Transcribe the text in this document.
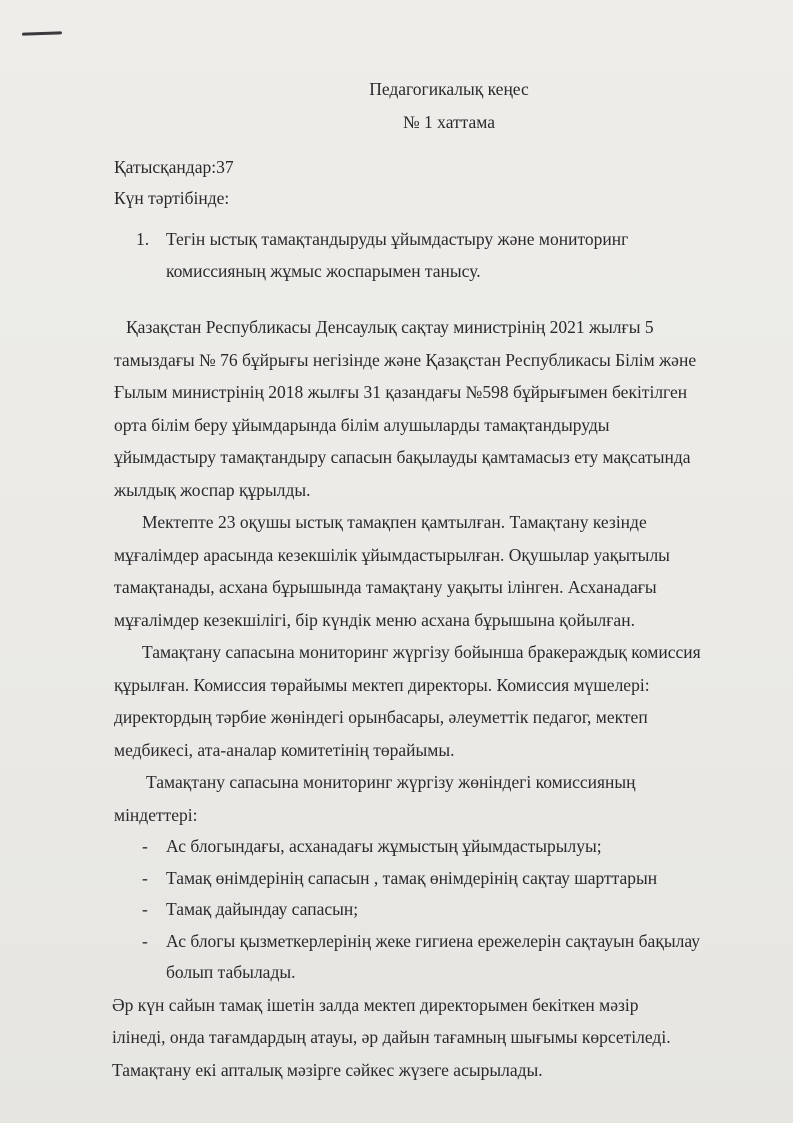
Педагогикалық кеңес

№ 1 хаттама

Қатысқандар:37

Күн тәртібінде:

1. Тегін ыстық тамақтандыруды ұйымдастыру және мониторинг
комиссияның жұмыс жоспарымен танысу.

Қазақстан Республикасы Денсаулық сақтау министрінің 2021 жылғы 5

тамыздағы № 76 бұйрығы негізінде және Қазақстан Республикасы Білім және

Ғылым министрінің 2018 жылғы 31 қазандағы №598 бұйрығымен бекітілген

орта білім беру ұйымдарында білім алушыларды тамақтандыруды

ұйымдастыру тамақтандыру сапасын бақылауды қамтамасыз ету мақсатында

жылдық жоспар құрылды.

Мектепте 23 оқушы ыстық тамақпен қамтылған. Тамақтану кезінде

мұғалімдер арасында кезекшілік ұйымдастырылған. Оқушылар уақытылы

тамақтанады, асхана бұрышында тамақтану уақыты ілінген. Асханадағы

мұғалімдер кезекшілігі, бір күндік меню асхана бұрышына қойылған.

Тамақтану сапасына мониторинг жүргізу бойынша бракераждық комиссия

құрылған. Комиссия төрайымы мектеп директоры. Комиссия мүшелері:

директордың тәрбие жөніндегі орынбасары, әлеуметтік педагог, мектеп

медбикесі, ата-аналар комитетінің төрайымы.

Тамақтану сапасына мониторинг жүргізу жөніндегі комиссияның

міндеттері:

- Ас блогындағы, асханадағы жұмыстың ұйымдастырылуы;

- Тамақ өнімдерінің сапасын , тамақ өнімдерінің сақтау шарттарын

- Тамақ дайындау сапасын;

- Ас блогы қызметкерлерінің жеке гигиена ережелерін сақтауын бақылау

болып табылады.

Әр күн сайын тамақ ішетін залда мектеп директорымен бекіткен мәзір

ілінеді, онда тағамдардың атауы, әр дайын тағамның шығымы көрсетіледі.

Тамақтану екі апталық мәзірге сәйкес жүзеге асырылады.
